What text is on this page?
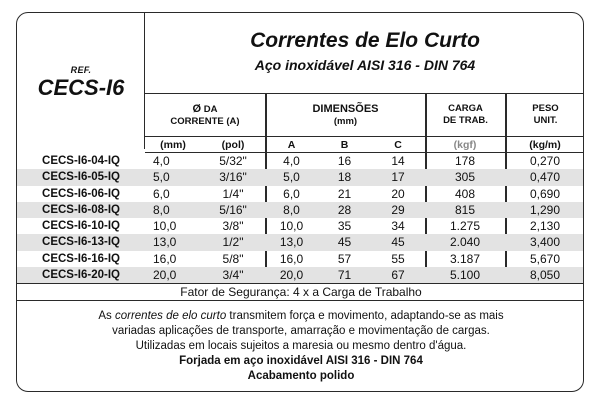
REF.
CECS-I6
Correntes de Elo Curto
Aço inoxidável AISI 316 - DIN 764
Ø DA
CORRENTE (A)
DIMENSÕES
(mm)
CARGA
DE TRAB.
PESO
UNIT.
(mm)	(pol)	A	B	C	(kgf)	(kg/m)
CECS-I6-04-IQ	4,0	5/32"	4,0	16	14	178	0,270
CECS-I6-05-IQ	5,0	3/16"	5,0	18	17	305	0,470
CECS-I6-06-IQ	6,0	1/4"	6,0	21	20	408	0,690
CECS-I6-08-IQ	8,0	5/16"	8,0	28	29	815	1,290
CECS-I6-10-IQ	10,0	3/8"	10,0	35	34	1.275	2,130
CECS-I6-13-IQ	13,0	1/2"	13,0	45	45	2.040	3,400
CECS-I6-16-IQ	16,0	5/8"	16,0	57	55	3.187	5,670
CECS-I6-20-IQ	20,0	3/4"	20,0	71	67	5.100	8,050
Fator de Segurança: 4 x a Carga de Trabalho
As correntes de elo curto transmitem força e movimento, adaptando-se as mais
variadas aplicações de transporte, amarração e movimentação de cargas.
Utilizadas em locais sujeitos a maresia ou mesmo dentro d'água.
Forjada em aço inoxidável AISI 316 - DIN 764
Acabamento polido
